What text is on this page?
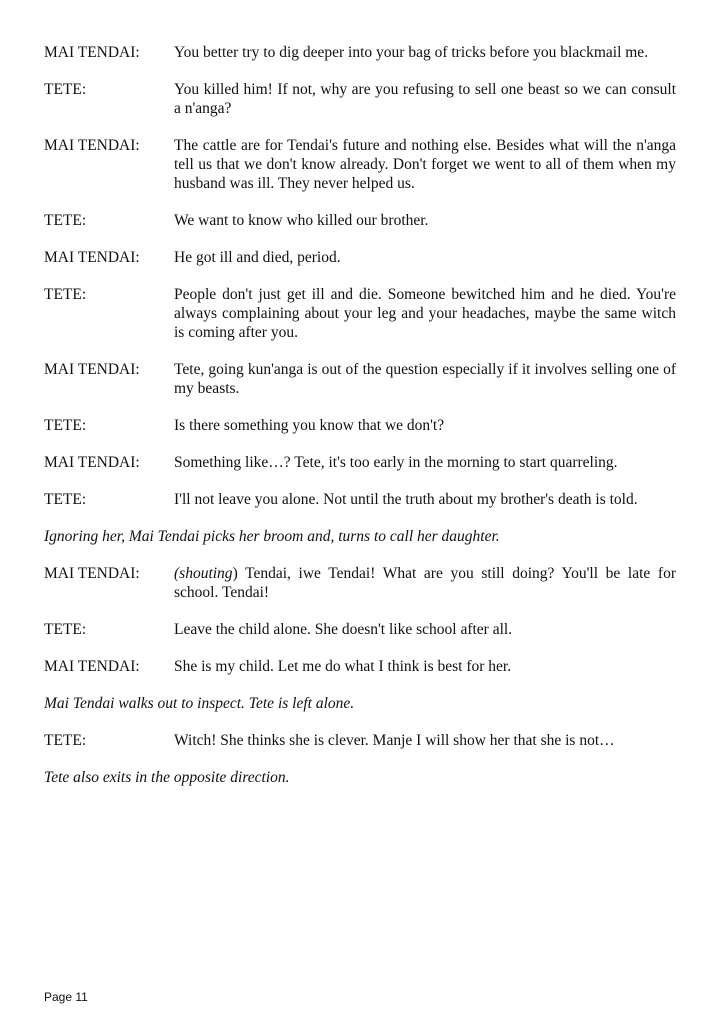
MAI TENDAI:	You better try to dig deeper into your bag of tricks before you blackmail me.
TETE:	You killed him! If not, why are you refusing to sell one beast so we can consult a n'anga?
MAI TENDAI:	The cattle are for Tendai's future and nothing else. Besides what will the n'anga tell us that we don't know already. Don't forget we went to all of them when my husband was ill. They never helped us.
TETE:	We want to know who killed our brother.
MAI TENDAI:	He got ill and died, period.
TETE:	People don't just get ill and die. Someone bewitched him and he died. You're always complaining about your leg and your headaches, maybe the same witch is coming after you.
MAI TENDAI:	Tete, going kun'anga is out of the question especially if it involves selling one of my beasts.
TETE:	Is there something you know that we don't?
MAI TENDAI:	Something like…? Tete, it's too early in the morning to start quarreling.
TETE:	I'll not leave you alone. Not until the truth about my brother's death is told.
Ignoring her, Mai Tendai picks her broom and, turns to call her daughter.
MAI TENDAI:	(shouting) Tendai, iwe Tendai! What are you still doing? You'll be late for school. Tendai!
TETE:	Leave the child alone. She doesn't like school after all.
MAI TENDAI:	She is my child. Let me do what I think is best for her.
Mai Tendai walks out to inspect. Tete is left alone.
TETE:	Witch! She thinks she is clever. Manje I will show her that she is not…
Tete also exits in the opposite direction.
Page 11
